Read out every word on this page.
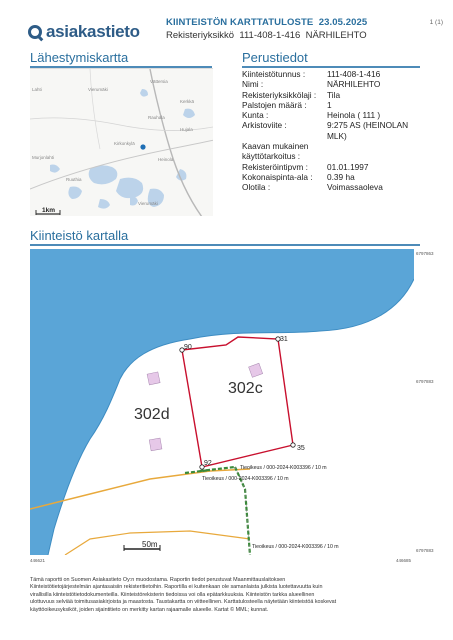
asiakastieto	KIINTEISTÖN KARTTATULOSTE 23.05.2025
Rekisteriyksikkö 111-408-1-416 NÄRHILEHTO
1 (1)
Lähestymiskartta	Perustiedot
Kiinteistö kartalla
Lahti	Vierumäki
Vättersia
Kerkkä
Rauhala
Hujala
Murjonlahti	Heinola
Kirkonkylä
Vierumäki
Ruuthia
1km
Kiinteistötunnus :	111-408-1-416
Nimi :	NÄRHILEHTO
Rekisteriyksikkölaji :	Tila
Palstojen määrä :	1
Kunta :	Heinola ( 111 )
Arkistoviite :	9:275 AS (HEINOLAN
MLK)
Kaavan mukainen
käyttötarkoitus :
Rekisteröintipvm :	01.01.1997
Kokonaispinta-ala :	0.39 ha
Olotila :	Voimassaoleva
90
31
35
92
302c
302d
Tieoikeus / 000-2024-K003396 / 10 m
Tieoikeus / 000-2024-K003396 / 10 m
Tieoikeus / 000-2024-K003396 / 10 m
50m
6797863
6797883
6797883
446621	446685
Tämä raportti on Suomen Asiakastieto Oy:n muodostama. Raportin tiedot perustuvat Maanmittauslaitoksen
Kiinteistötietojärjestelmän ajantasaisiin rekisteritietoihin. Raportilla ei kuitenkaan ole samanlaista julkista luotettavuutta kuin
virallisilla kiinteistötietodokumenteilla. Kiinteistörekisterin tiedoissa voi olla epätarkkuuksia. Kiinteistön tarkka alueellinen
ulottuvuus selviää toimitusasiakirjoista ja maastosta. Taustakartta on viitteellinen. Karttatulosteella näytetään kiinteistöä koskevat
käyttöoikeusyksiköt, joiden sijaintitieto on merkitty kartan rajaamalle alueelle. Kartat © MML; kunnat.
